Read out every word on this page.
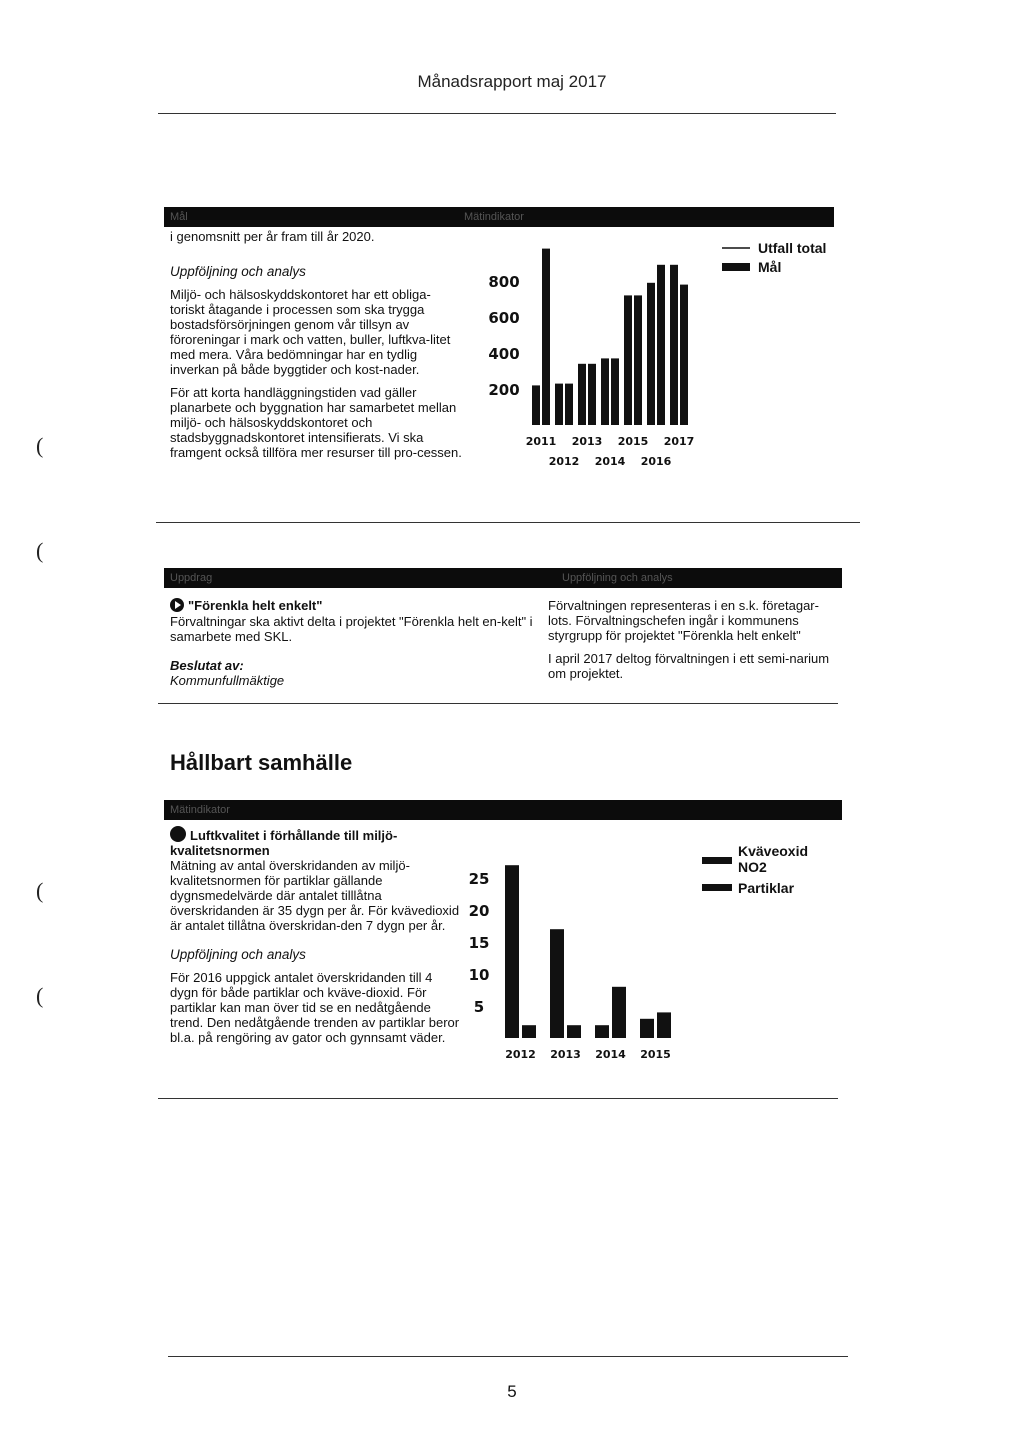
Månadsrapport maj 2017
(
(
(
(
Mål	Mätindikator
i genomsnitt per år fram till år 2020.
Uppföljning och analys

Miljö- och hälsoskyddskontoret har ett obliga-toriskt åtagande i processen som ska trygga bostadsförsörjningen genom vår tillsyn av föroreningar i mark och vatten, buller, luftkva-litet med mera. Våra bedömningar har en tydlig inverkan på både byggtider och kost-nader.

För att korta handläggningstiden vad gäller planarbete och byggnation har samarbetet mellan miljö- och hälsoskyddskontoret och stadsbyggnadskontoret intensifierats. Vi ska framgent också tillföra mer resurser till pro-cessen.

200
400
600
800
2011
2012
2013
2014
2015
2016
2017
Utfall total
Mål
Uppdrag	Uppföljning och analys
"Förenkla helt enkelt"

Förvaltningar ska aktivt delta i projektet "Förenkla helt en-kelt" i samarbete med SKL.

Beslutat av:
Kommunfullmäktige

Förvaltningen representeras i en s.k. företagar-lots. Förvaltningschefen ingår i kommunens styrgrupp för projektet "Förenkla helt enkelt"

I april 2017 deltog förvaltningen i ett semi-narium om projektet.

Hållbart samhälle
Mätindikator
Luftkvalitet i förhållande till miljö-kvalitetsnormen

Mätning av antal överskridanden av miljö-kvalitetsnormen för partiklar gällande dygnsmedelvärde där antalet tilllåtna överskridanden är 35 dygn per år. För kvävedioxid är antalet tillåtna överskridan-den 7 dygn per år.

Uppföljning och analys

För 2016 uppgick antalet överskridanden till 4 dygn för både partiklar och kväve-dioxid. För partiklar kan man över tid se en nedåtgående trend. Den nedåtgående trenden av partiklar beror bl.a. på rengöring av gator och gynnsamt väder.

5
10
15
20
25
2012 2013 2014 2015
Kväveoxid
NO2
Partiklar
5
